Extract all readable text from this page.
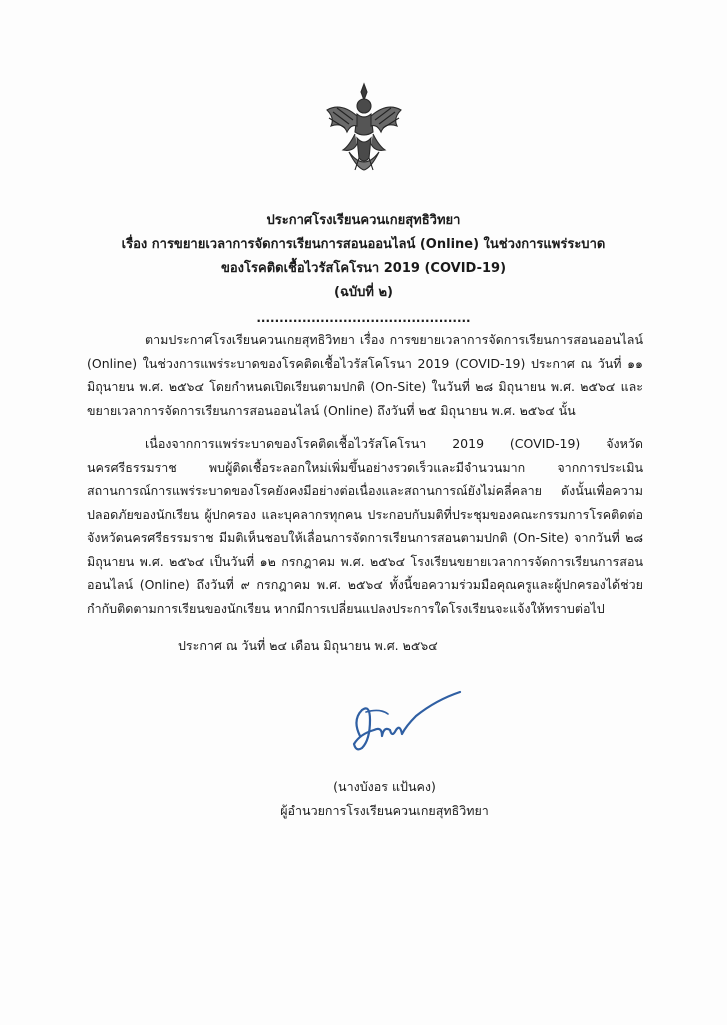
ประกาศโรงเรียนควนเกยสุทธิวิทยา
เรื่อง การขยายเวลาการจัดการเรียนการสอนออนไลน์ (Online) ในช่วงการแพร่ระบาด
ของโรคติดเชื้อไวรัสโคโรนา 2019 (COVID-19)
(ฉบับที่ ๒)
...............................................

ตามประกาศโรงเรียนควนเกยสุทธิวิทยา เรื่อง การขยายเวลาการจัดการเรียนการสอนออนไลน์ (Online) ในช่วงการแพร่ระบาดของโรคติดเชื้อไวรัสโคโรนา 2019 (COVID-19) ประกาศ ณ วันที่ ๑๑ มิถุนายน พ.ศ. ๒๕๖๔ โดยกำหนดเปิดเรียนตามปกติ (On-Site) ในวันที่ ๒๘ มิถุนายน พ.ศ. ๒๕๖๔ และขยายเวลาการจัดการเรียนการสอนออนไลน์ (Online) ถึงวันที่ ๒๕ มิถุนายน พ.ศ. ๒๕๖๔ นั้น

เนื่องจากการแพร่ระบาดของโรคติดเชื้อไวรัสโคโรนา 2019 (COVID-19) จังหวัดนครศรีธรรมราช พบผู้ติดเชื้อระลอกใหม่เพิ่มขึ้นอย่างรวดเร็วและมีจำนวนมาก จากการประเมินสถานการณ์การแพร่ระบาดของโรคยังคงมีอย่างต่อเนื่องและสถานการณ์ยังไม่คลี่คลาย ดังนั้นเพื่อความปลอดภัยของนักเรียน ผู้ปกครอง และบุคลากรทุกคน ประกอบกับมติที่ประชุมของคณะกรรมการโรคติดต่อจังหวัดนครศรีธรรมราช มีมติเห็นชอบให้เลื่อนการจัดการเรียนการสอนตามปกติ (On-Site) จากวันที่ ๒๘ มิถุนายน พ.ศ. ๒๕๖๔ เป็นวันที่ ๑๒ กรกฎาคม พ.ศ. ๒๕๖๔ โรงเรียนขยายเวลาการจัดการเรียนการสอนออนไลน์ (Online) ถึงวันที่ ๙ กรกฎาคม พ.ศ. ๒๕๖๔ ทั้งนี้ขอความร่วมมือคุณครูและผู้ปกครองได้ช่วยกำกับติดตามการเรียนของนักเรียน หากมีการเปลี่ยนแปลงประการใดโรงเรียนจะแจ้งให้ทราบต่อไป

ประกาศ ณ วันที่ ๒๔ เดือน มิถุนายน พ.ศ. ๒๕๖๔
(นางบังอร แป้นคง)
ผู้อำนวยการโรงเรียนควนเกยสุทธิวิทยา
